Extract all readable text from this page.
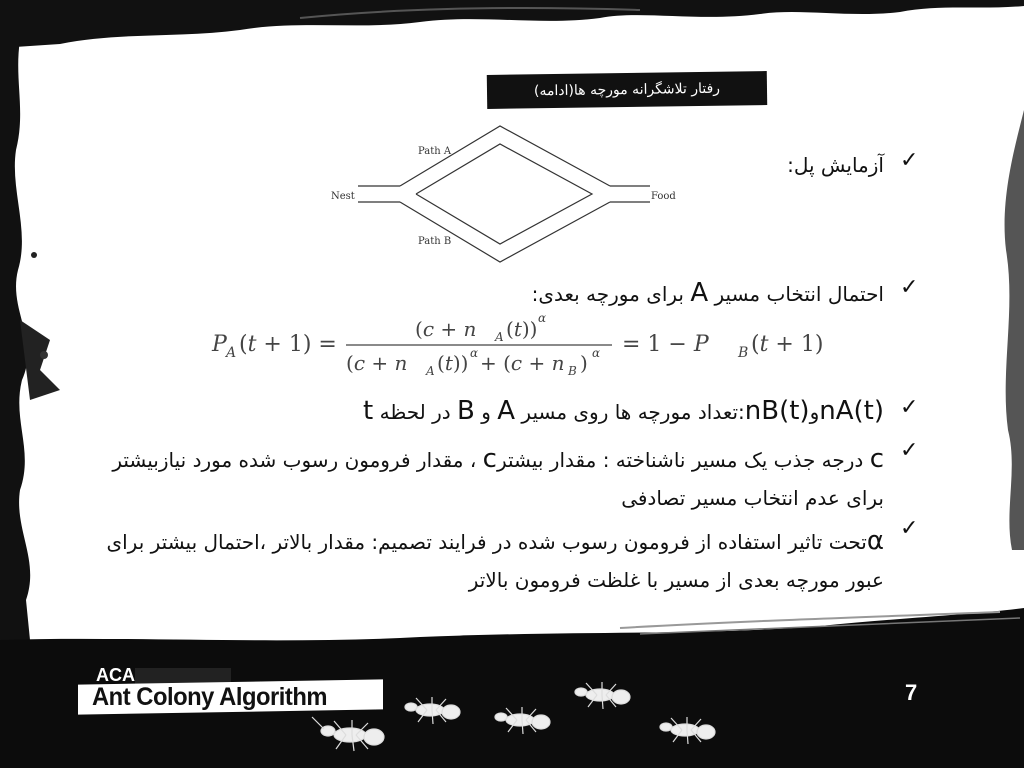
رفتار تلاشگرانه مورچه ها(ادامه)
Path A
Path B
Nest	Food
✓
✓
✓
✓
✓
آزمایش پل:
احتمال انتخاب مسیر A برای مورچه بعدی:
P A (t + 1) =
(c + n A (t)) α
(c + n A (t)) α + (c + n B ) α = 1 − P B (t + 1)
nA(t)وnB(t):تعداد مورچه ها روی مسیر A و B در لحظه t
c درجه جذب یک مسیر ناشناخته : مقدار بیشترc ، مقدار فرومون رسوب شده مورد نیازبیشتر برای عدم انتخاب مسیر تصادفی
αتحت تاثیر استفاده از فرومون رسوب شده در فرایند تصمیم: مقدار بالاتر ،احتمال بیشتر برای عبور مورچه بعدی از مسیر با غلظت فرومون بالاتر
ACA
Ant Colony Algorithm	7
